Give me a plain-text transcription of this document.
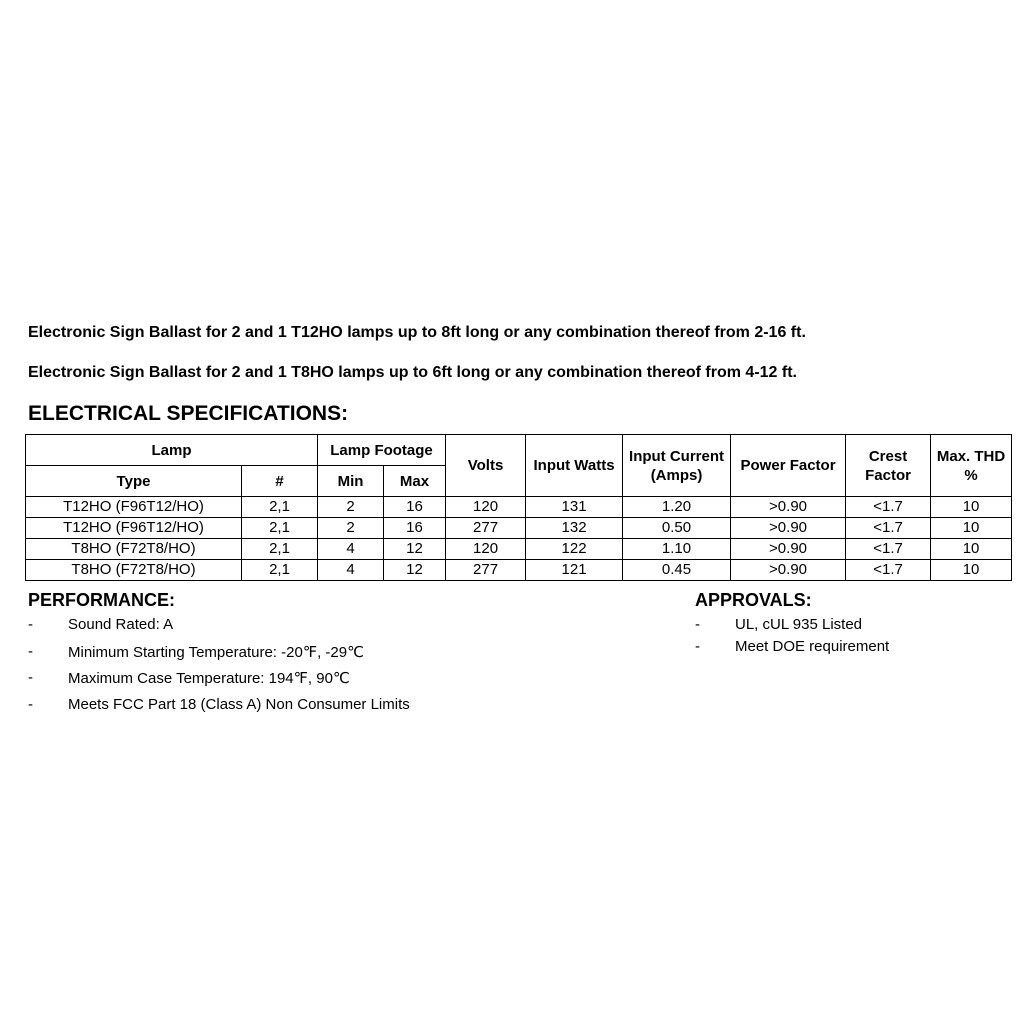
Electronic Sign Ballast for 2 and 1 T12HO lamps up to 8ft long or any combination thereof from 2-16 ft.
Electronic Sign Ballast for 2 and 1 T8HO lamps up to 6ft long or any combination thereof from 4-12 ft.
ELECTRICAL SPECIFICATIONS:
Lamp		Lamp Footage		Volts	Input Watts	Input Current (Amps)	Power Factor	Crest Factor	Max. THD %
Type	#	Min	Max						
T12HO (F96T12/HO)	2,1	2	16	120	131	1.20	>0.90	<1.7	10
T12HO (F96T12/HO)	2,1	2	16	277	132	0.50	>0.90	<1.7	10
T8HO (F72T8/HO)	2,1	4	12	120	122	1.10	>0.90	<1.7	10
T8HO (F72T8/HO)	2,1	4	12	277	121	0.45	>0.90	<1.7	10
PERFORMANCE:
- Sound Rated: A
- Minimum Starting Temperature: -20℉, -29℃
- Maximum Case Temperature: 194℉, 90℃
- Meets FCC Part 18 (Class A) Non Consumer Limits
APPROVALS:
- UL, cUL 935 Listed
- Meet DOE requirement
